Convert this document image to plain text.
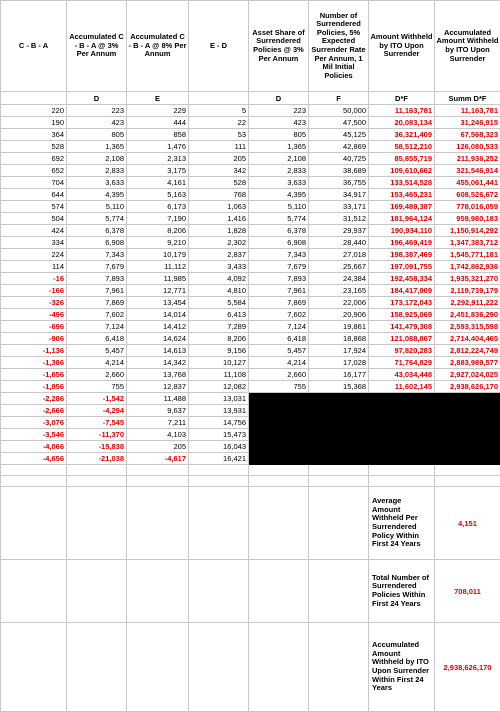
C - B - A	Accumulated C - B - A @ 3% Per Annum	Accumulated C - B - A @ 8% Per Annum	E - D	Asset Share of Surrendered Policies @ 3% Per Annum	Number of Surrendered Policies, 5% Expected Surrender Rate Per Annum, 1 Mil Initial Policies	Amount Withheld by ITO Upon Surrender	Accumulated Amount Withheld by ITO Upon Surrender
	D	E		D	F	D*F	Summ D*F
220	223	229	5	223	50,000	11,163,781	11,163,781
190	423	444	22	423	47,500	20,083,134	31,246,915
364	805	858	53	805	45,125	36,321,409	67,568,323
528	1,365	1,476	111	1,365	42,869	58,512,210	126,080,533
692	2,108	2,313	205	2,108	40,725	85,855,719	211,936,252
652	2,833	3,175	342	2,833	38,689	109,610,662	321,546,914
704	3,633	4,161	528	3,633	36,755	133,514,528	455,061,441
644	4,395	5,163	768	4,395	34,917	153,465,231	608,526,672
574	5,110	6,173	1,063	5,110	33,171	169,489,387	778,016,059
504	5,774	7,190	1,416	5,774	31,512	181,964,124	959,980,183
424	6,378	8,206	1,828	6,378	29,937	190,934,110	1,150,914,292
334	6,908	9,210	2,302	6,908	28,440	196,469,419	1,347,383,712
224	7,343	10,179	2,837	7,343	27,018	198,387,469	1,545,771,181
114	7,679	11,112	3,433	7,679	25,667	197,091,755	1,742,862,936
-16	7,893	11,985	4,092	7,893	24,384	192,458,334	1,935,321,270
-166	7,961	12,771	4,810	7,961	23,165	184,417,909	2,119,739,179
-326	7,869	13,454	5,584	7,869	22,006	173,172,043	2,292,911,222
-496	7,602	14,014	6,413	7,602	20,906	158,925,069	2,451,836,290
-696	7,124	14,412	7,289	7,124	19,861	141,479,308	2,593,315,598
-906	6,418	14,624	8,206	6,418	18,868	121,088,867	2,714,404,465
-1,136	5,457	14,613	9,156	5,457	17,924	97,820,283	2,812,224,749
-1,386	4,214	14,342	10,127	4,214	17,028	71,764,829	2,883,989,577
-1,656	2,660	13,768	11,108	2,660	16,177	43,034,448	2,927,024,025
-1,956	755	12,837	12,082	755	15,368	11,602,145	2,938,626,170
-2,286	-1,542	11,488	13,031				
-2,666	-4,294	9,637	13,931				
-3,076	-7,545	7,211	14,756				
-3,546	-11,370	4,103	15,473				
-4,066	-15,838	205	16,043				
-4,656	-21,038	-4,617	16,421				

						Average Amount Withheld Per Surrendered Policy Within First 24 Years	4,151
						Total Number of Surrendered Policies Within First 24 Years	708,011
						Accumulated Amount Withheld by ITO Upon Surrender Within First 24 Years	2,938,626,170
